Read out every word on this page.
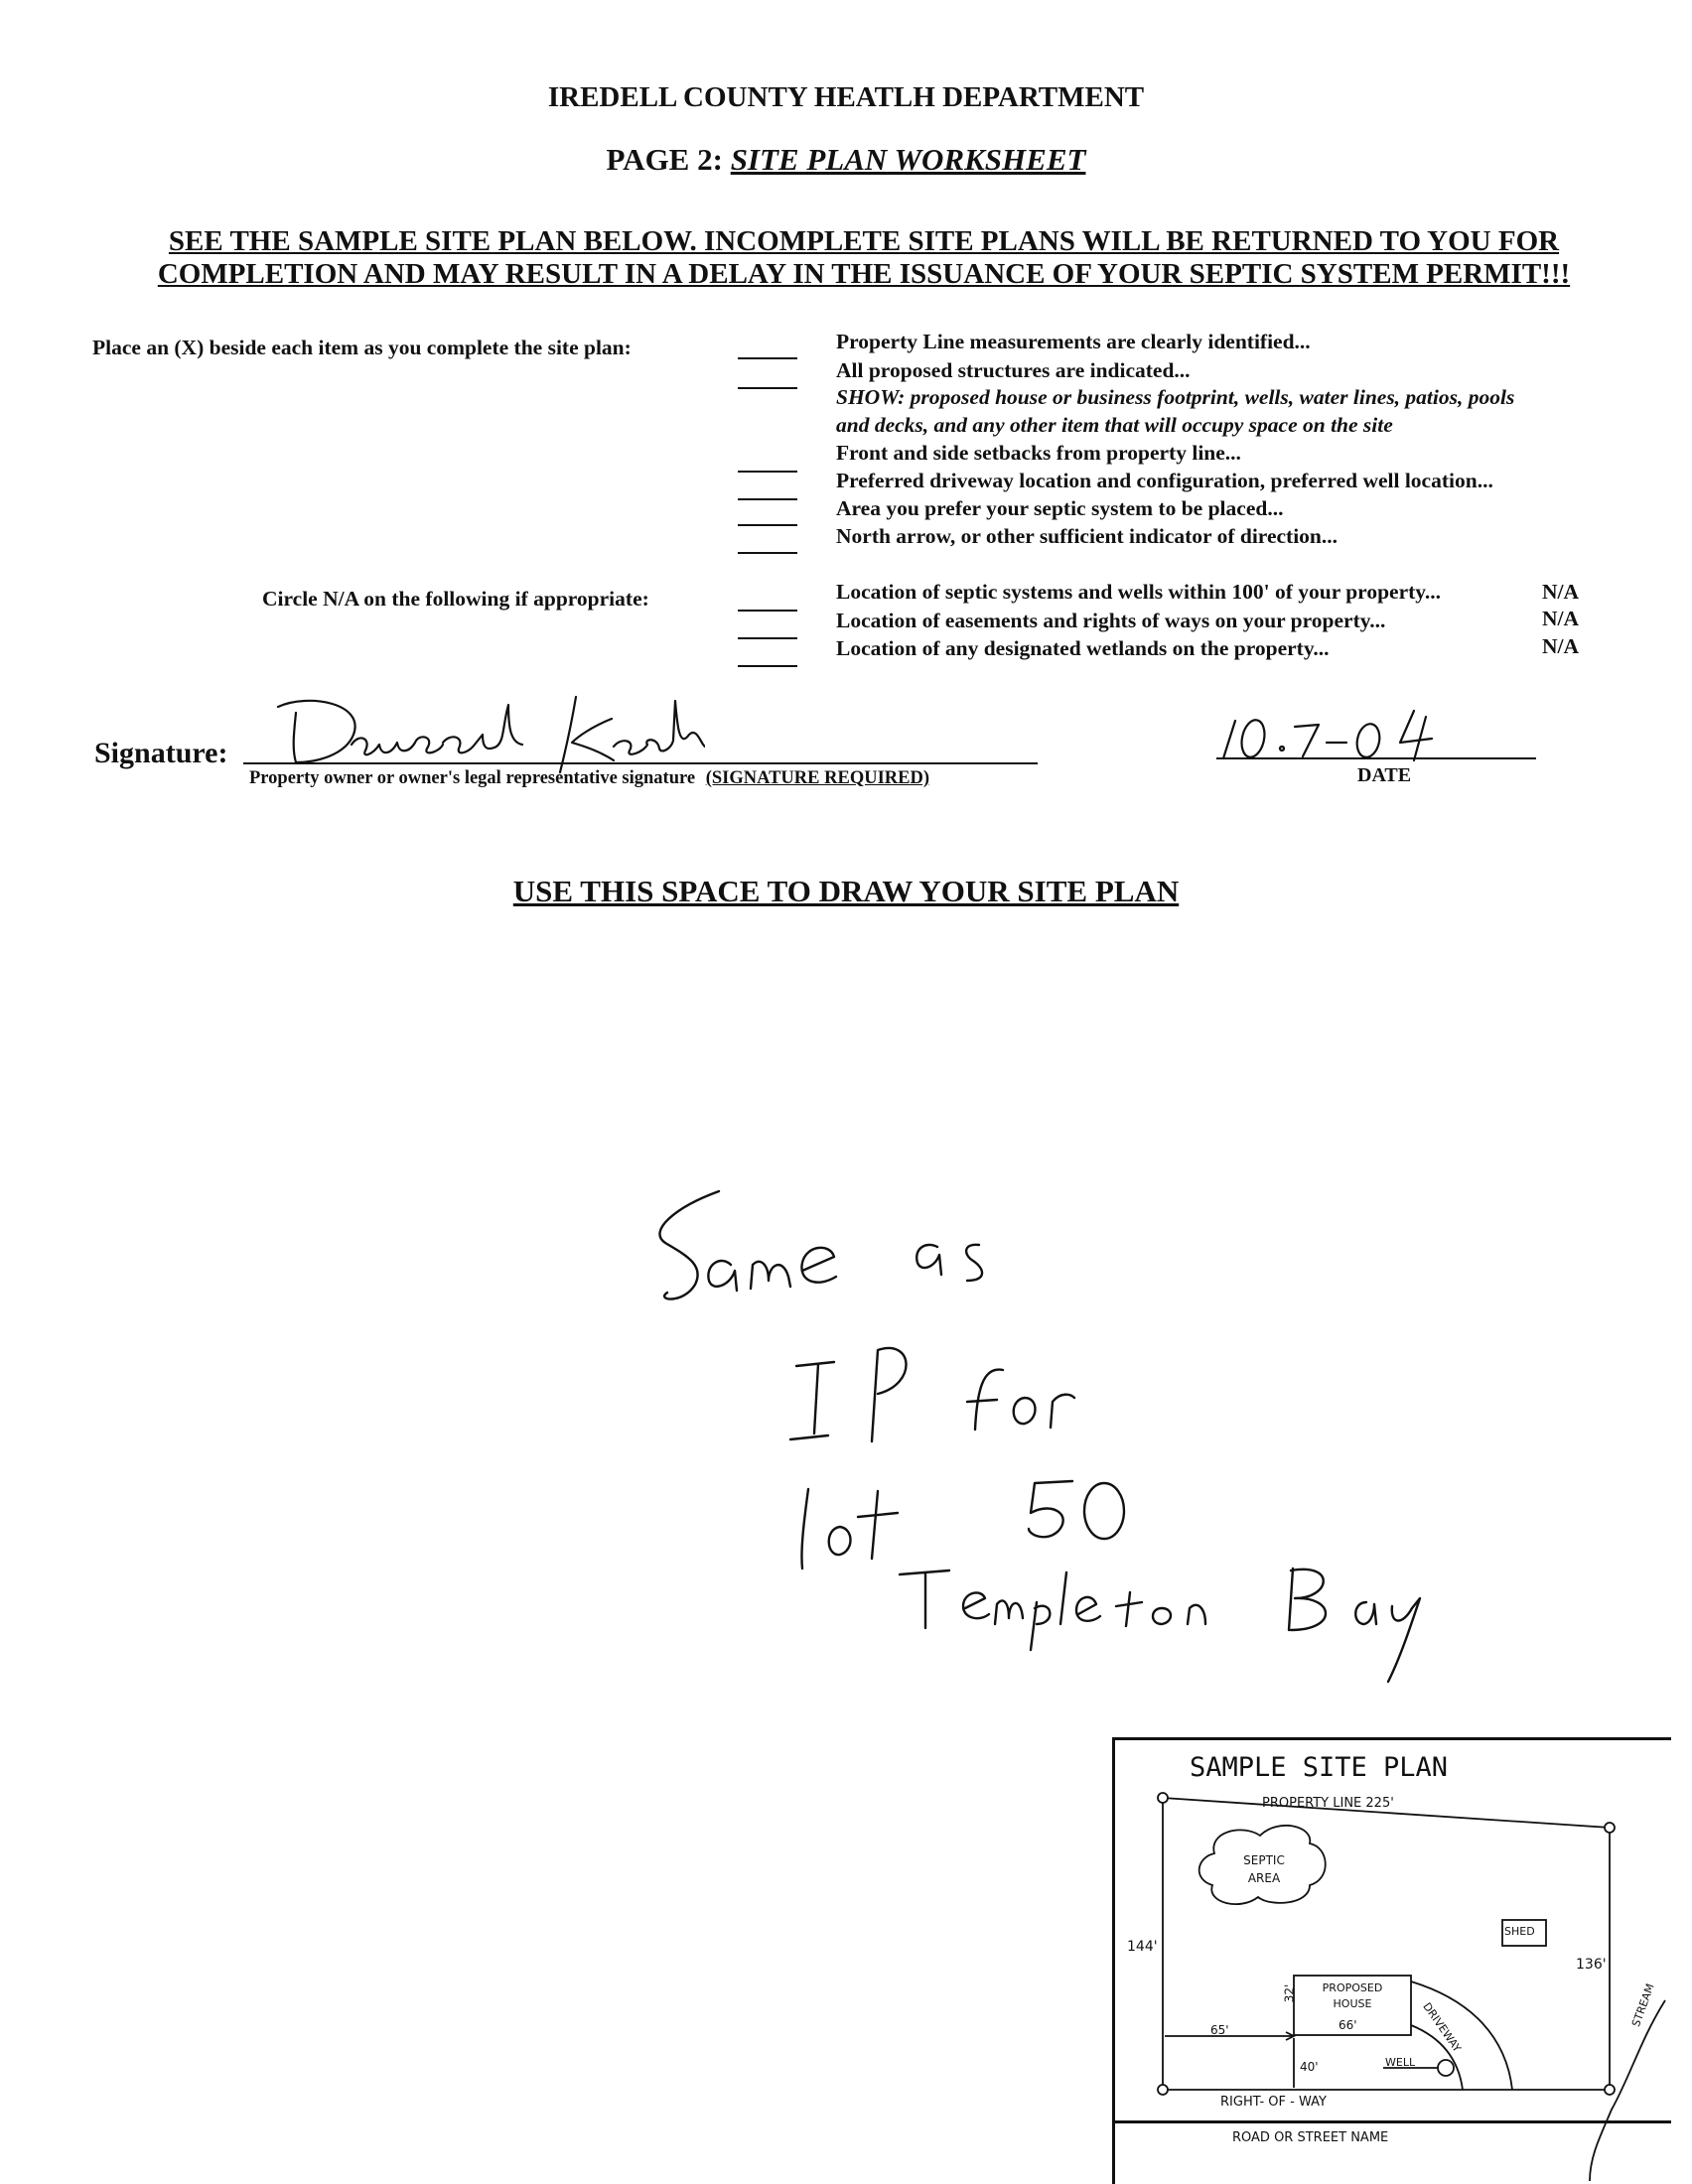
IREDELL COUNTY HEATLH DEPARTMENT
PAGE 2: SITE PLAN WORKSHEET
SEE THE SAMPLE SITE PLAN BELOW. INCOMPLETE SITE PLANS WILL BE RETURNED TO YOU FOR
COMPLETION AND MAY RESULT IN A DELAY IN THE ISSUANCE OF YOUR SEPTIC SYSTEM PERMIT!!!
Place an (X) beside each item as you complete the site plan:	Property Line measurements are clearly identified...
All proposed structures are indicated...
SHOW: proposed house or business footprint, wells, water lines, patios, pools
and decks, and any other item that will occupy space on the site
Front and side setbacks from property line...
Preferred driveway location and configuration, preferred well location...
Area you prefer your septic system to be placed...
North arrow, or other sufficient indicator of direction...
Circle N/A on the following if appropriate:	Location of septic systems and wells within 100' of your property...	N/A
Location of easements and rights of ways on your property...	N/A
Location of any designated wetlands on the property...	N/A
Signature:
Property owner or owner's legal representative signature (SIGNATURE REQUIRED)	DATE
USE THIS SPACE TO DRAW YOUR SITE PLAN
SAMPLE SITE PLAN
PROPERTY LINE 225'
SEPTIC
AREA
PROPOSED
HOUSE
SHED
144'
136'
65'
40'
66'
32'
DRIVEWAY
WELL
RIGHT- OF - WAY
ROAD OR STREET NAME
STREAM
